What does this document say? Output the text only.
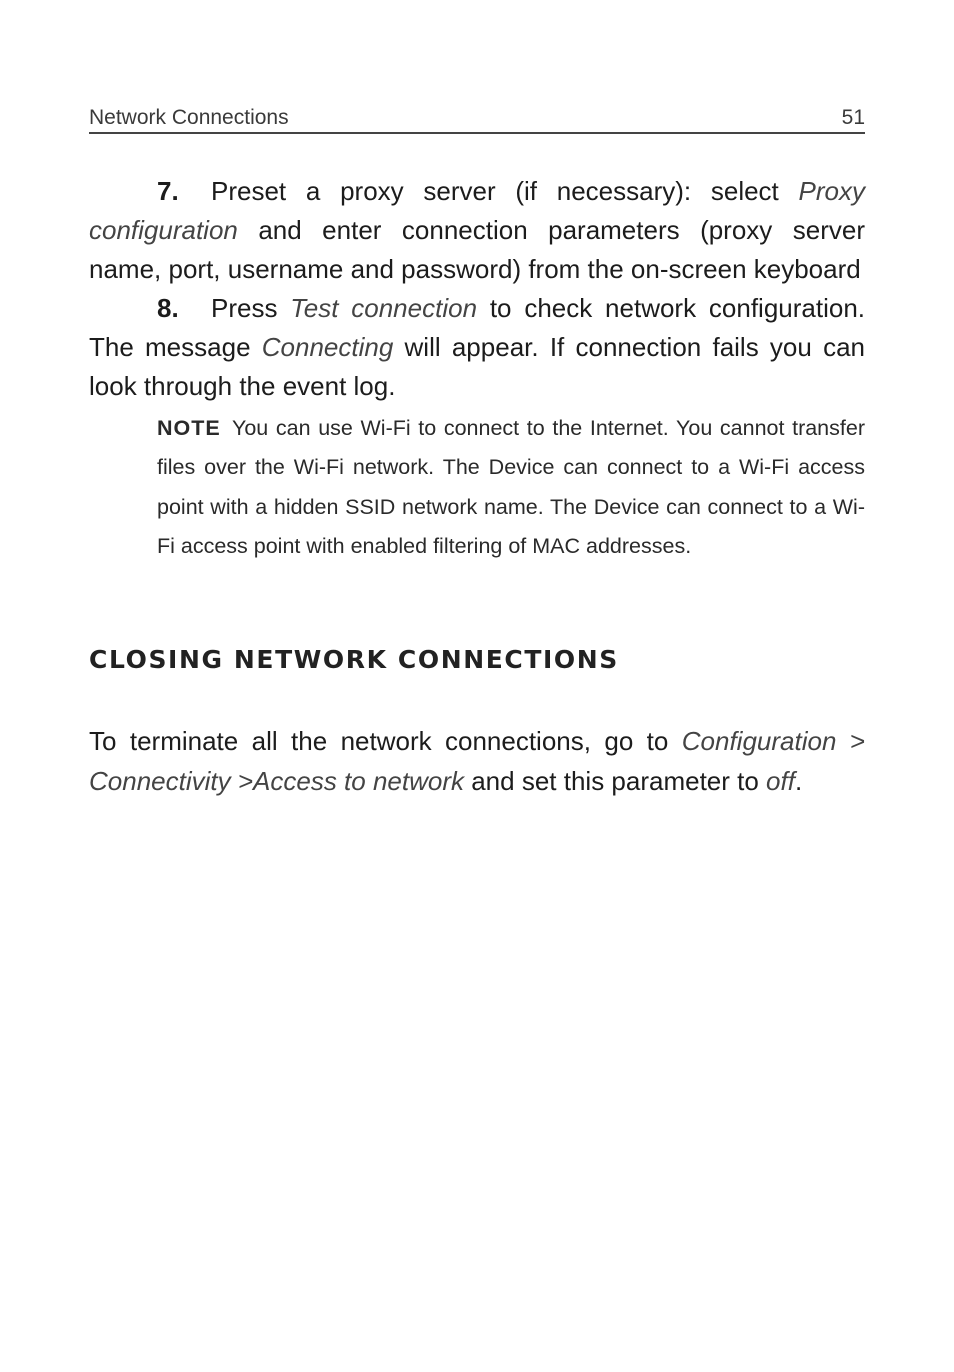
Network Connections	51

7. Preset a proxy server (if necessary): select Proxy configuration and enter connection parameters (proxy server name, port, username and password) from the on-screen keyboard

8. Press Test connection to check network configuration. The message Connecting will appear. If connection fails you can look through the event log.

NOTE You can use Wi-Fi to connect to the Internet. You cannot transfer files over the Wi-Fi network. The Device can connect to a Wi-Fi access point with a hidden SSID network name. The Device can connect to a Wi-Fi access point with enabled filtering of MAC addresses.
CLOSING NETWORK CONNECTIONS

To terminate all the network connections, go to Configuration > Connectivity >Access to network and set this parameter to off.
